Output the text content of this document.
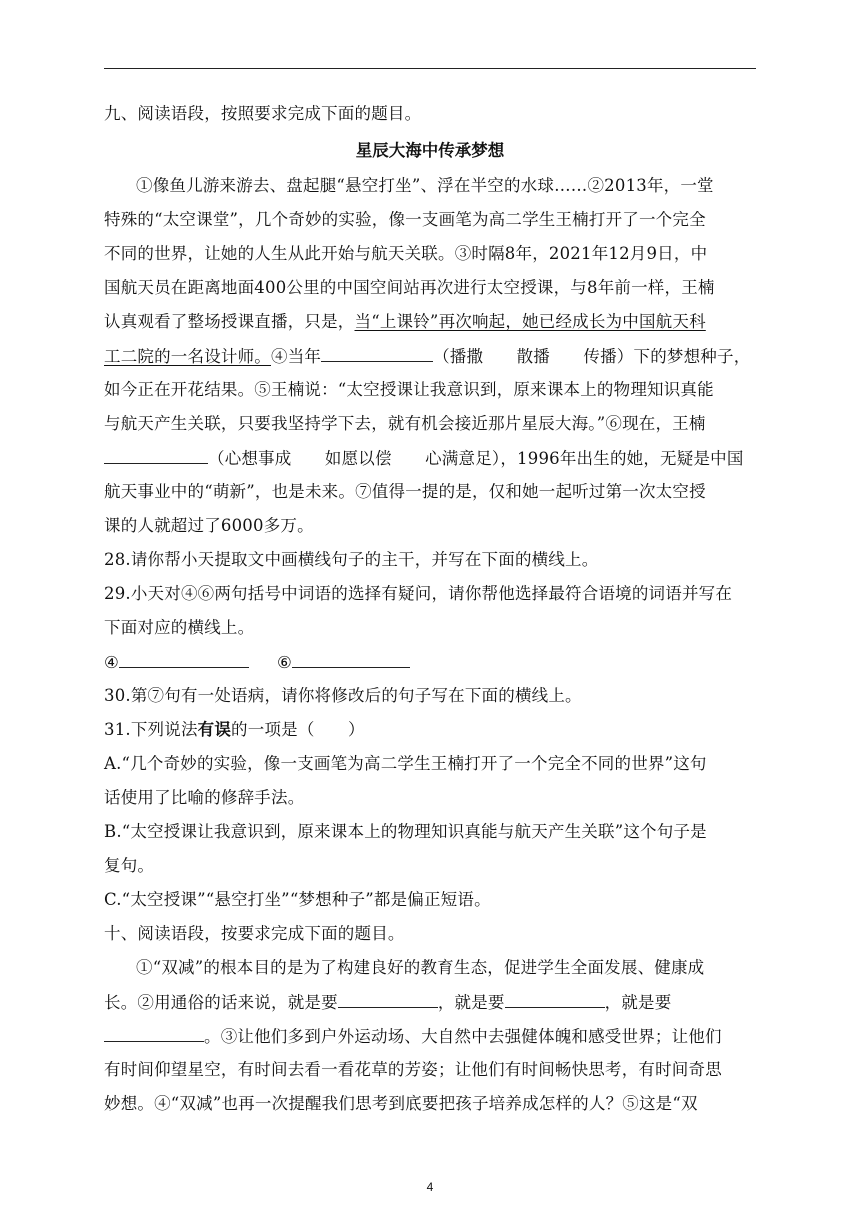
九、阅读语段，按照要求完成下面的题目。
星辰大海中传承梦想
①像鱼儿游来游去、盘起腿“悬空打坐”、浮在半空的水球……②2013年，一堂
特殊的“太空课堂”，几个奇妙的实验，像一支画笔为高二学生王楠打开了一个完全
不同的世界，让她的人生从此开始与航天关联。③时隔8年，2021年12月9日，中
国航天员在距离地面400公里的中国空间站再次进行太空授课，与8年前一样，王楠
认真观看了整场授课直播，只是，当“上课铃”再次响起，她已经成长为中国航天科
工二院的一名设计师。④当年	（播撒　　散播　　传播）下的梦想种子，
如今正在开花结果。⑤王楠说：“太空授课让我意识到，原来课本上的物理知识真能
与航天产生关联，只要我坚持学下去，就有机会接近那片星辰大海。”⑥现在，王楠
（心想事成　　如愿以偿　　心满意足），1996年出生的她，无疑是中国
航天事业中的“萌新”，也是未来。⑦值得一提的是，仅和她一起听过第一次太空授
课的人就超过了6000多万。
28.请你帮小天提取文中画横线句子的主干，并写在下面的横线上。
29.小天对④⑥两句括号中词语的选择有疑问，请你帮他选择最符合语境的词语并写在
下面对应的横线上。
④	⑥
30.第⑦句有一处语病，请你将修改后的句子写在下面的横线上。
31.下列说法有误的一项是（　　）
A.“几个奇妙的实验，像一支画笔为高二学生王楠打开了一个完全不同的世界”这句
话使用了比喻的修辞手法。
B.“太空授课让我意识到，原来课本上的物理知识真能与航天产生关联”这个句子是
复句。
C.“太空授课”“悬空打坐”“梦想种子”都是偏正短语。
十、阅读语段，按要求完成下面的题目。
①“双减”的根本目的是为了构建良好的教育生态，促进学生全面发展、健康成
长。②用通俗的话来说，就是要	，就是要	，就是要
。③让他们多到户外运动场、大自然中去强健体魄和感受世界；让他们
有时间仰望星空，有时间去看一看花草的芳姿；让他们有时间畅快思考，有时间奇思
妙想。④“双减”也再一次提醒我们思考到底要把孩子培养成怎样的人？⑤这是“双
4
